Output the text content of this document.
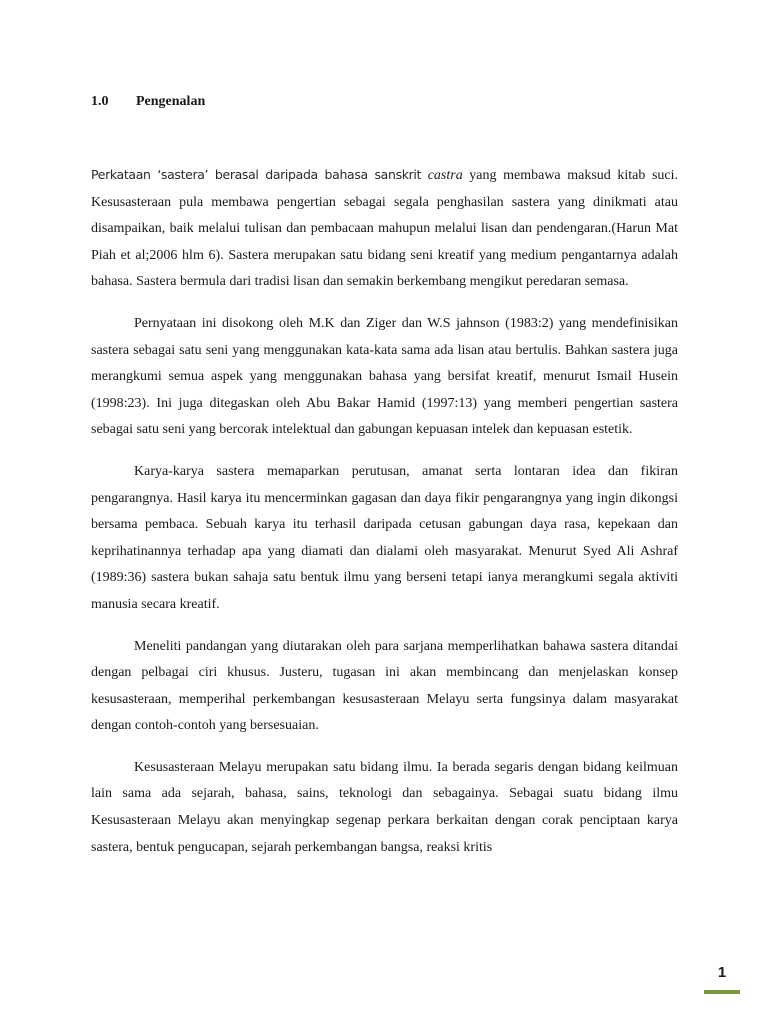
1.0 Pengenalan

Perkataan ‘sastera’ berasal daripada bahasa sanskrit castra yang membawa maksud kitab suci. Kesusasteraan pula membawa pengertian sebagai segala penghasilan sastera yang dinikmati atau disampaikan, baik melalui tulisan dan pembacaan mahupun melalui lisan dan pendengaran.(Harun Mat Piah et al;2006 hlm 6). Sastera merupakan satu bidang seni kreatif yang medium pengantarnya adalah bahasa. Sastera bermula dari tradisi lisan dan semakin berkembang mengikut peredaran semasa.

Pernyataan ini disokong oleh M.K dan Ziger dan W.S jahnson (1983:2) yang mendefinisikan sastera sebagai satu seni yang menggunakan kata-kata sama ada lisan atau bertulis. Bahkan sastera juga merangkumi semua aspek yang menggunakan bahasa yang bersifat kreatif, menurut Ismail Husein (1998:23). Ini juga ditegaskan oleh Abu Bakar Hamid (1997:13) yang memberi pengertian sastera sebagai satu seni yang bercorak intelektual dan gabungan kepuasan intelek dan kepuasan estetik.

Karya-karya sastera memaparkan perutusan, amanat serta lontaran idea dan fikiran pengarangnya. Hasil karya itu mencerminkan gagasan dan daya fikir pengarangnya yang ingin dikongsi bersama pembaca. Sebuah karya itu terhasil daripada cetusan gabungan daya rasa, kepekaan dan keprihatinannya terhadap apa yang diamati dan dialami oleh masyarakat. Menurut Syed Ali Ashraf (1989:36) sastera bukan sahaja satu bentuk ilmu yang berseni tetapi ianya merangkumi segala aktiviti manusia secara kreatif.

Meneliti pandangan yang diutarakan oleh para sarjana memperlihatkan bahawa sastera ditandai dengan pelbagai ciri khusus. Justeru, tugasan ini akan membincang dan menjelaskan konsep kesusasteraan, memperihal perkembangan kesusasteraan Melayu serta fungsinya dalam masyarakat dengan contoh-contoh yang bersesuaian.

Kesusasteraan Melayu merupakan satu bidang ilmu. Ia berada segaris dengan bidang keilmuan lain sama ada sejarah, bahasa, sains, teknologi dan sebagainya. Sebagai suatu bidang ilmu Kesusasteraan Melayu akan menyingkap segenap perkara berkaitan dengan corak penciptaan karya sastera, bentuk pengucapan, sejarah perkembangan bangsa, reaksi kritis

1
